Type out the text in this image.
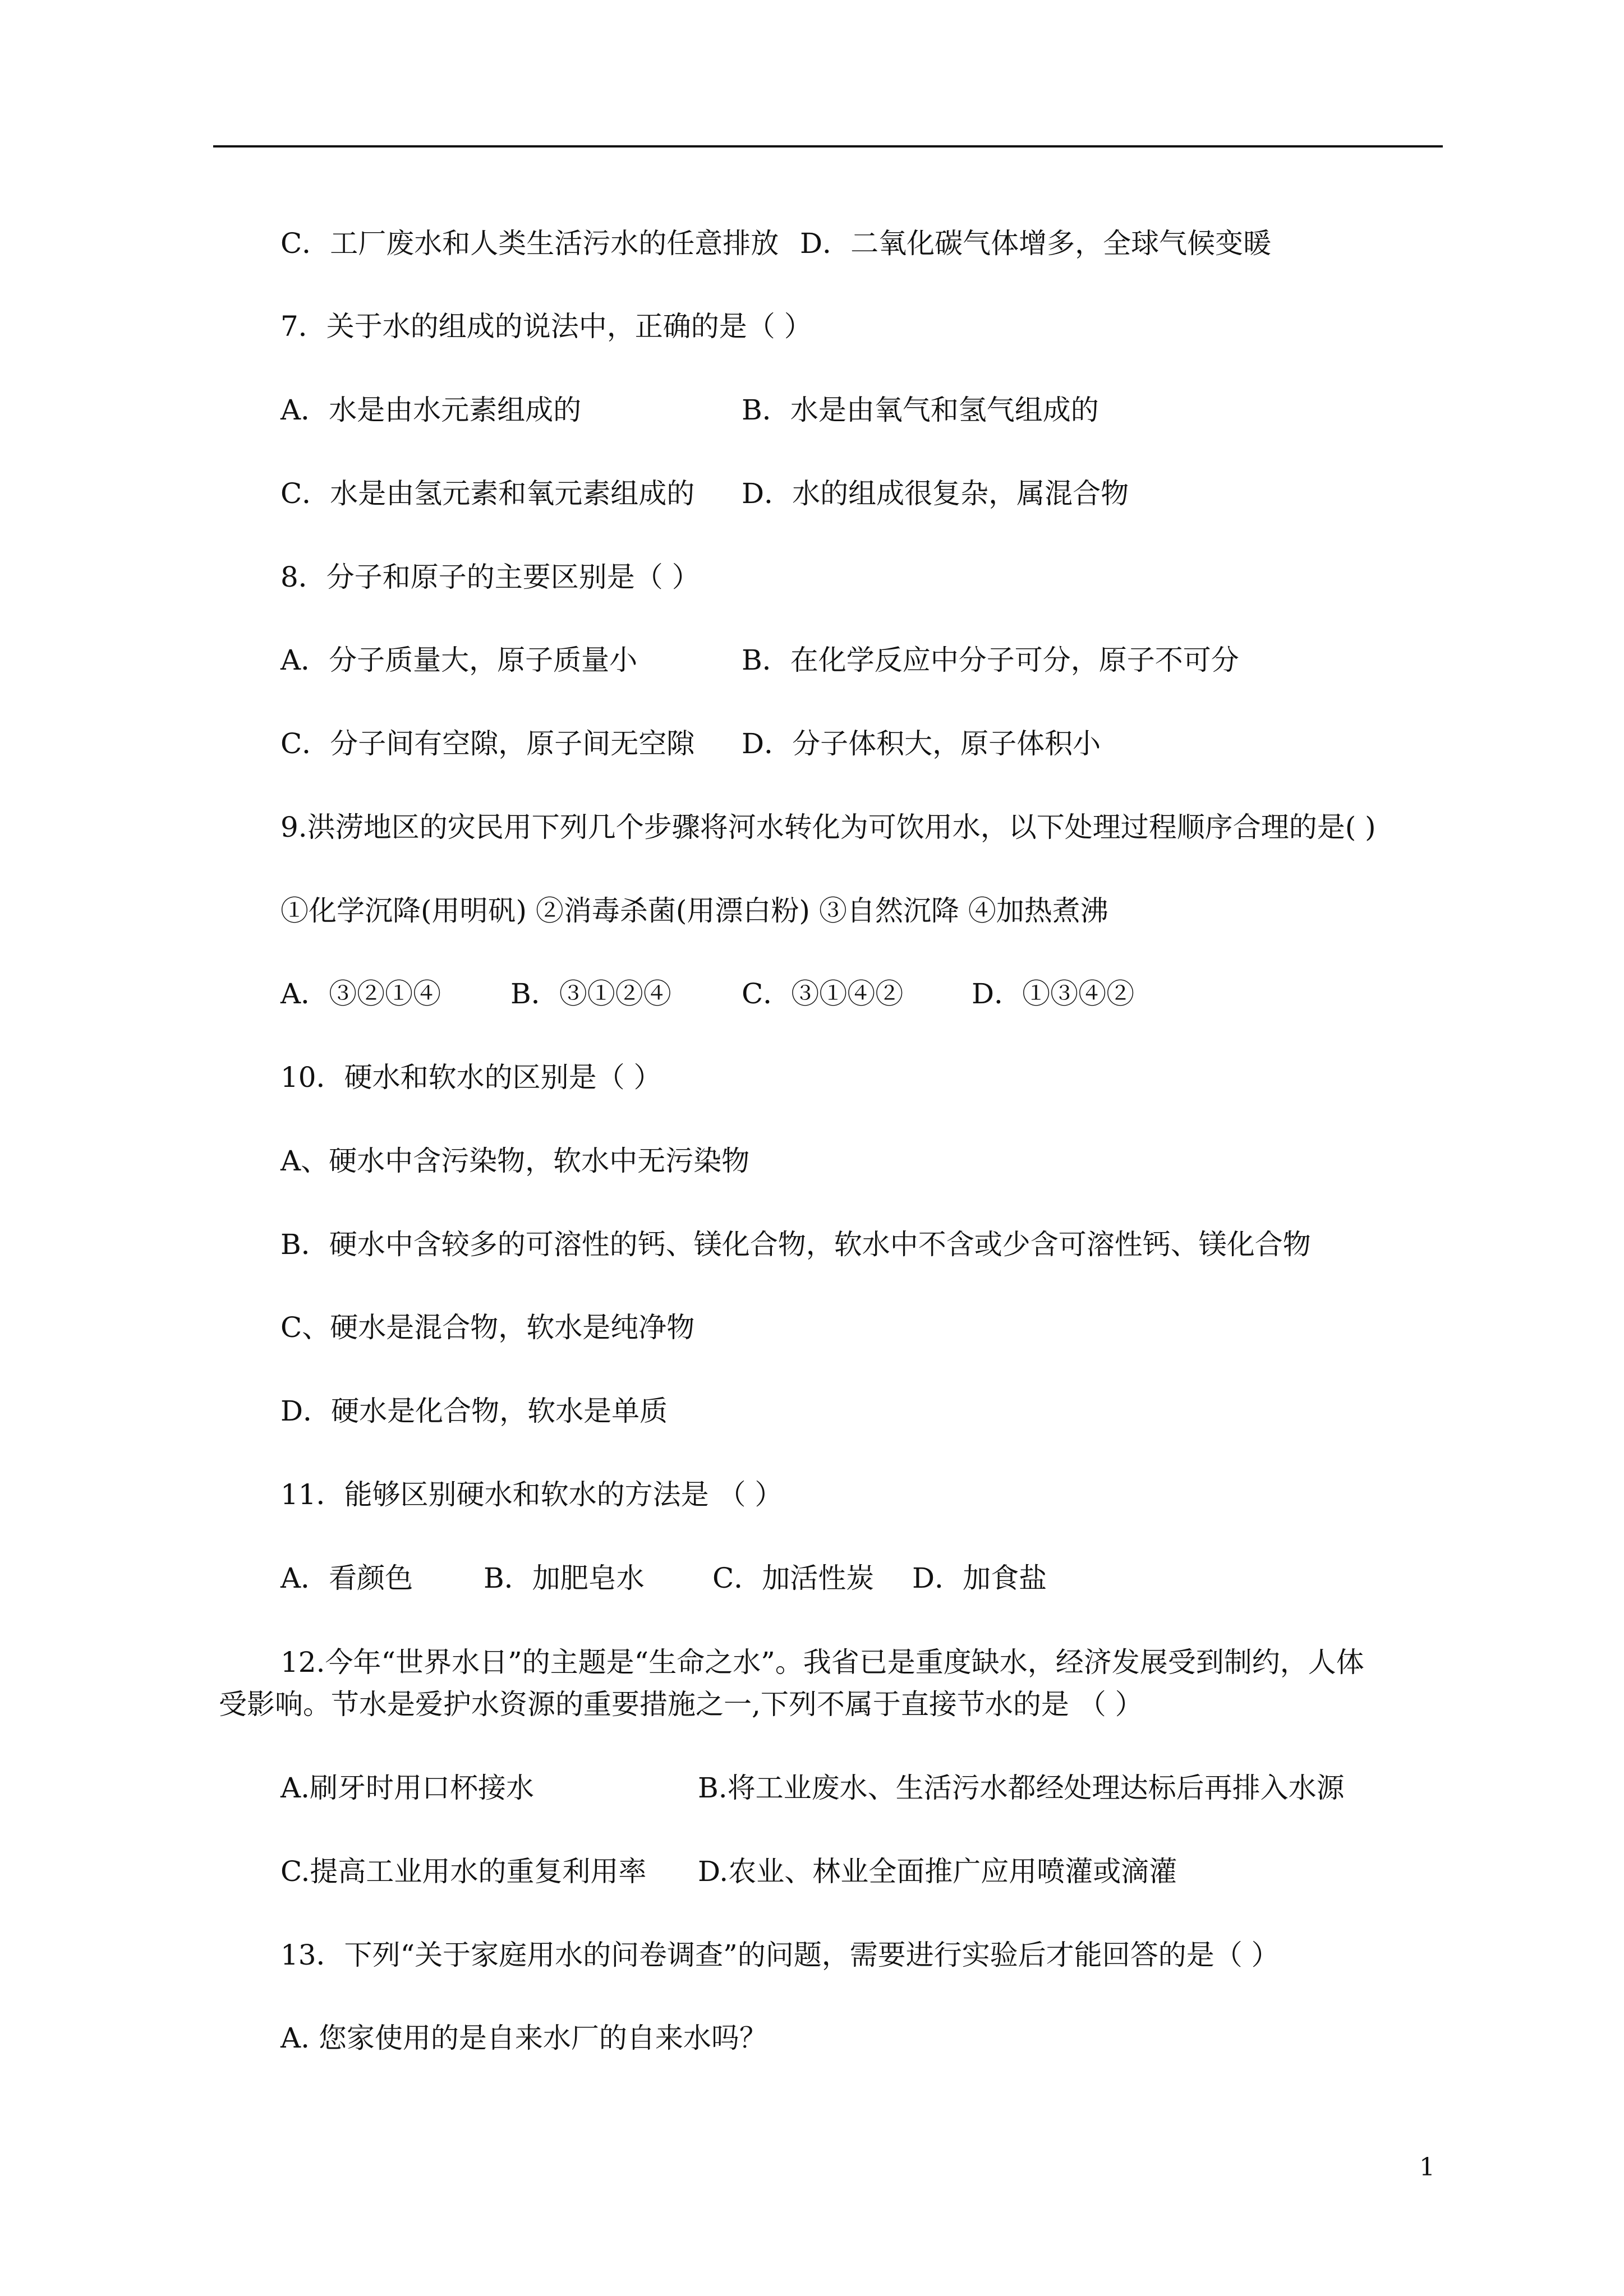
C．工厂废水和人类生活污水的任意排放 D．二氧化碳气体增多，全球气候变暖
7．关于水的组成的说法中，正确的是（ ）
A．水是由水元素组成的	B．水是由氧气和氢气组成的
C．水是由氢元素和氧元素组成的 D．水的组成很复杂，属混合物
8．分子和原子的主要区别是（ ）
A．分子质量大，原子质量小	B．在化学反应中分子可分，原子不可分
C．分子间有空隙，原子间无空隙 D．分子体积大，原子体积小
9.洪涝地区的灾民用下列几个步骤将河水转化为可饮用水，以下处理过程顺序合理的是( )
①化学沉降(用明矾) ②消毒杀菌(用漂白粉) ③自然沉降 ④加热煮沸
A．③②①④ B．③①②④	C．③①④② D．①③④②
10．硬水和软水的区别是（ ）
A、硬水中含污染物，软水中无污染物
B．硬水中含较多的可溶性的钙、镁化合物，软水中不含或少含可溶性钙、镁化合物
C、硬水是混合物，软水是纯净物
D．硬水是化合物，软水是单质
11．能够区别硬水和软水的方法是 （ ）
A．看颜色	B．加肥皂水 C．加活性炭 D．加食盐
12.今年“世界水日”的主题是“生命之水”。我省已是重度缺水，经济发展受到制约，人体
受影响。节水是爱护水资源的重要措施之一,下列不属于直接节水的是 （ ）
A.刷牙时用口杯接水	B.将工业废水、生活污水都经处理达标后再排入水源
C.提高工业用水的重复利用率 D.农业、林业全面推广应用喷灌或滴灌
13．下列“关于家庭用水的问卷调查”的问题，需要进行实验后才能回答的是（ ）
A. 您家使用的是自来水厂的自来水吗？
1
